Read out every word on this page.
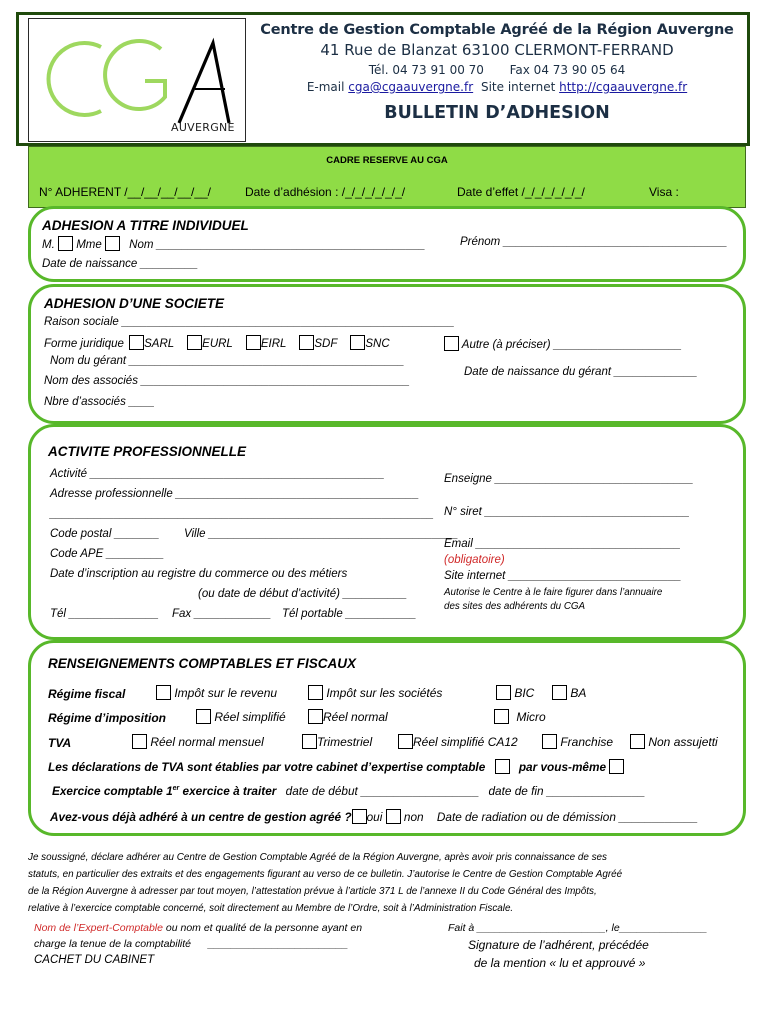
AUVERGNE
Centre de Gestion Comptable Agréé de la Région Auvergne
41 Rue de Blanzat 63100 CLERMONT-FERRAND
Tél. 04 73 91 00 70 Fax 04 73 90 05 64
E-mail cga@cgaauvergne.fr Site internet http://cgaauvergne.fr
BULLETIN D’ADHESION
CADRE RESERVE AU CGA
N° ADHERENT /__/__/__/__/__/	Date d’adhésion : /_/_/_/_/_/_/	Date d’effet /_/_/_/_/_/_/	Visa :
ADHESION A TITRE INDIVIDUEL
M. Mme Nom __________________________________________	Prénom ___________________________________
Date de naissance _________
ADHESION D’UNE SOCIETE
Raison sociale ____________________________________________________
Forme juridique SARL EURL EIRL SDF SNC	Autre (à préciser) ____________________
Nom du gérant ___________________________________________
Nom des associés __________________________________________
Date de naissance du gérant _____________
Nbre d’associés ____
ACTIVITE PROFESSIONNELLE
Activité ______________________________________________	Enseigne _______________________________
Adresse professionnelle ______________________________________
____________________________________________________________ N° siret ________________________________
Code postal _______ Ville _______________________________________
Code APE _________
Email ________________________________
(obligatoire)
Date d’inscription au registre du commerce ou des métiers	Site internet ___________________________
(ou date de début d’activité) __________	Autorise le Centre à le faire figurer dans l’annuaire
des sites des adhérents du CGA
Tél ______________ Fax ____________ Tél portable ___________
RENSEIGNEMENTS COMPTABLES ET FISCAUX
Régime fiscal	Impôt sur le revenu	Impôt sur les sociétés	BIC	BA
Régime d’imposition	Réel simplifié	Réel normal	Micro
TVA	Réel normal mensuel	Trimestriel	Réel simplifié CA12	Franchise	Non assujetti
Les déclarations de TVA sont établies par votre cabinet d’expertise comptable	par vous-même
Exercice comptable 1er exercice à traiter date de début __________________ date de fin _______________
Avez-vous déjà adhéré à un centre de gestion agréé ? oui non Date de radiation ou de démission ____________
Je soussigné, déclare adhérer au Centre de Gestion Comptable Agréé de la Région Auvergne, après avoir pris connaissance de ses
statuts, en particulier des extraits et des engagements figurant au verso de ce bulletin. J’autorise le Centre de Gestion Comptable Agréé
de la Région Auvergne à adresser par tout moyen, l’attestation prévue à l’article 371 L de l’annexe II du Code Général des Impôts,
relative à l’exercice comptable concerné, soit directement au Membre de l’Ordre, soit à l’Administration Fiscale.
Nom de l’Expert-Comptable ou nom et qualité de la personne ayant en
charge la tenue de la comptabilité ________________________
CACHET DU CABINET
Fait à ______________________, le_______________
Signature de l’adhérent, précédée
de la mention « lu et approuvé »
